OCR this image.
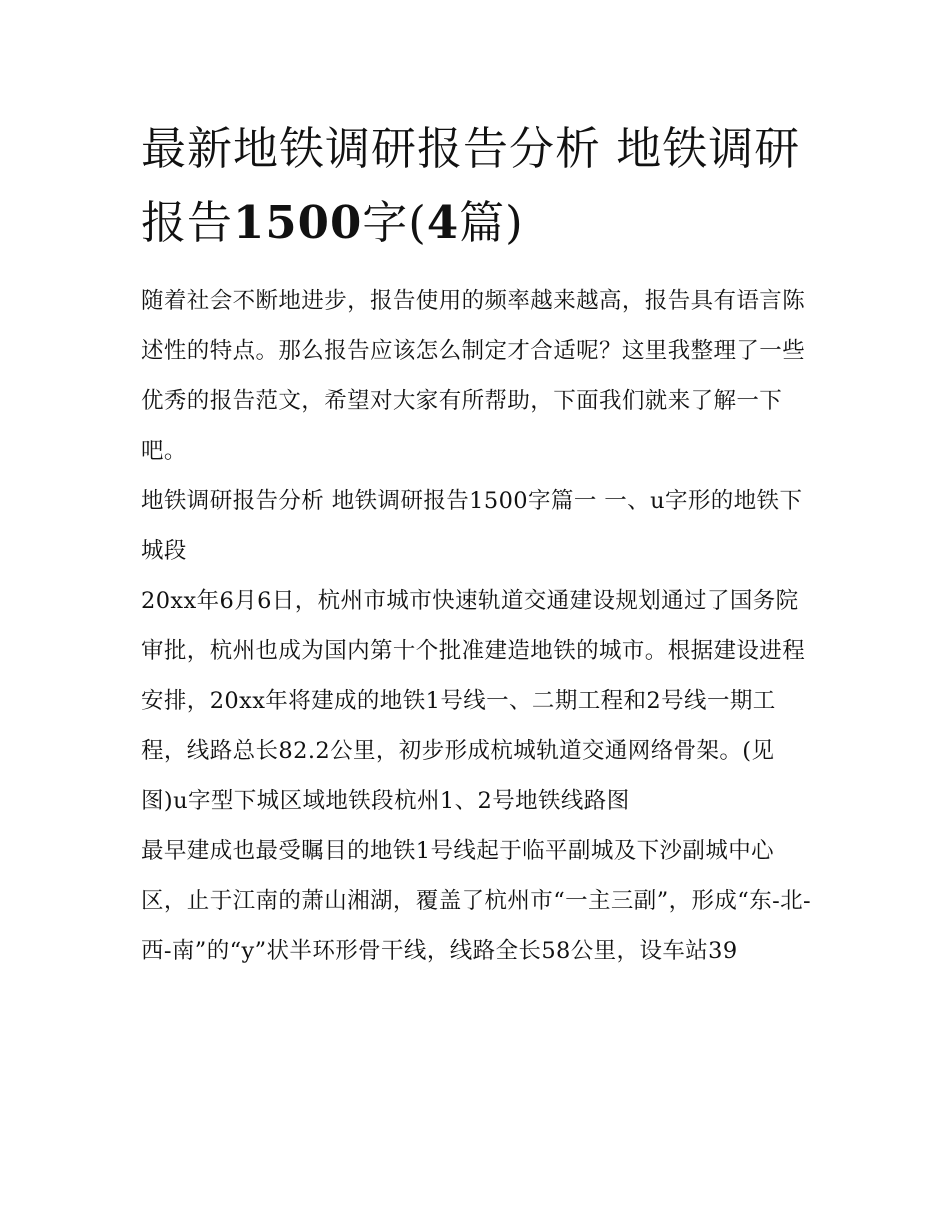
最新地铁调研报告分析 地铁调研报告1500字(4篇)

随着社会不断地进步，报告使用的频率越来越高，报告具有语言陈述性的特点。那么报告应该怎么制定才合适呢？这里我整理了一些优秀的报告范文，希望对大家有所帮助，下面我们就来了解一下吧。

地铁调研报告分析 地铁调研报告1500字篇一 一、u字形的地铁下城段

20xx年6月6日，杭州市城市快速轨道交通建设规划通过了国务院审批，杭州也成为国内第十个批准建造地铁的城市。根据建设进程安排，20xx年将建成的地铁1号线一、二期工程和2号线一期工程，线路总长82.2公里，初步形成杭城轨道交通网络骨架。(见图)u字型下城区域地铁段杭州1、2号地铁线路图

最早建成也最受瞩目的地铁1号线起于临平副城及下沙副城中心区，止于江南的萧山湘湖，覆盖了杭州市“一主三副”，形成“东-北-

西-南”的“y”状半环形骨干线，线路全长58公里，设车站39
